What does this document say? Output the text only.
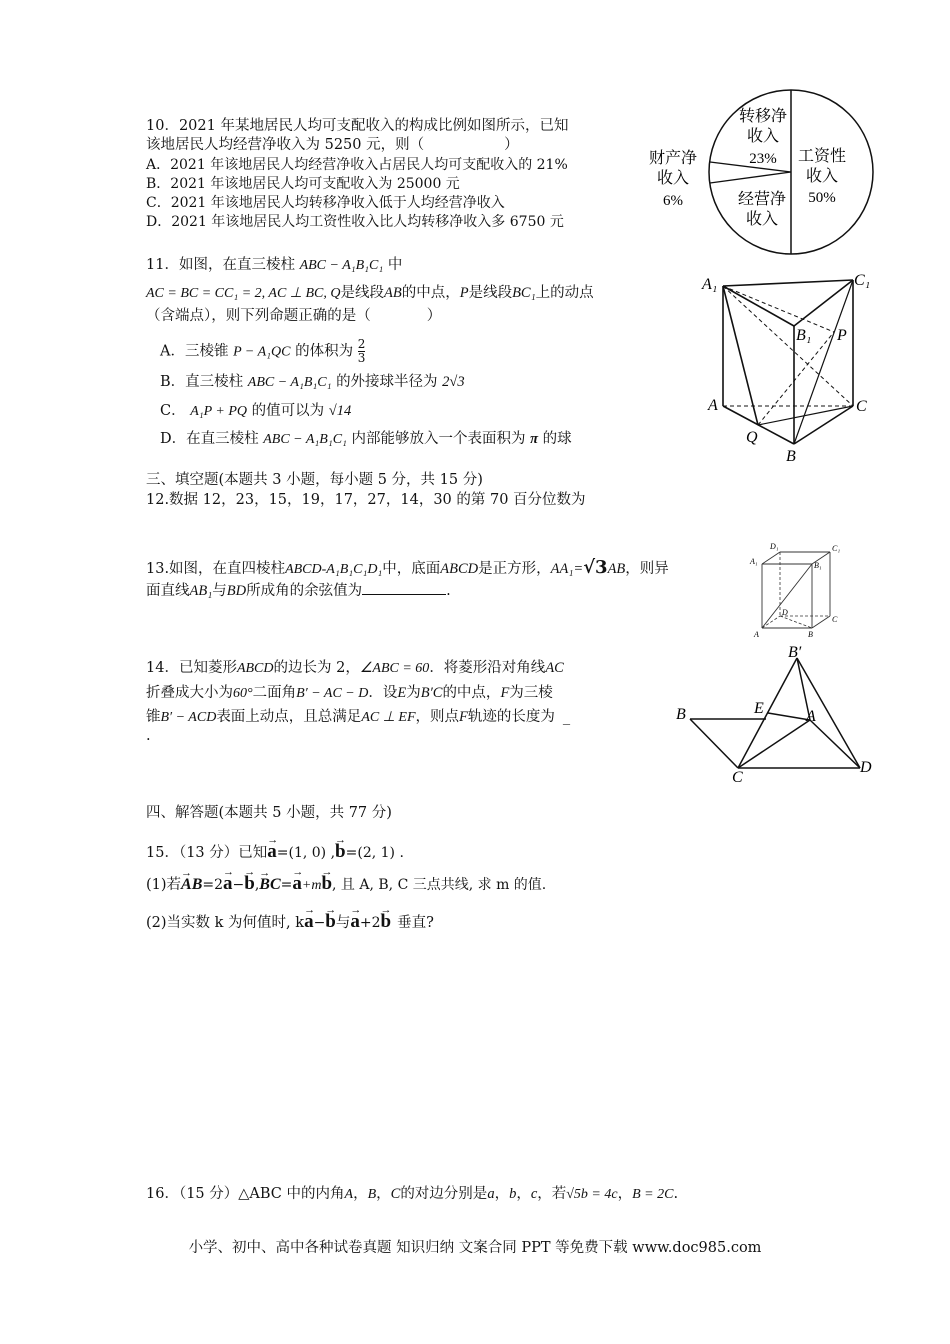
10．2021 年某地居民人均可支配收入的构成比例如图所示，已知
该地居民人均经营净收入为 5250 元，则（	）
A．2021 年该地居民人均经营净收入占居民人均可支配收入的 21%
B．2021 年该地居民人均可支配收入为 25000 元
C．2021 年该地居民人均转移净收入低于人均经营净收入
D．2021 年该地居民人均工资性收入比人均转移净收入多 6750 元
转移净
收入
23% 工资性
收入
50%
经营净
收入
财产净
收入
6%
11．如图，在直三棱柱 ABC − A₁B₁C₁ 中
AC = BC = CC₁ = 2, AC ⊥ BC, Q是线段AB的中点，P是线段BC₁上的动点
（含端点），则下列命题正确的是（	）
A．三棱锥 P − A₁QC 的体积为 $\frac{2}{3}$
B．直三棱柱 ABC − A₁B₁C₁ 的外接球半径为 2√3
C． A₁P + PQ 的值可以为 √14
D．在直三棱柱 ABC − A₁B₁C₁ 内部能够放入一个表面积为 π 的球
A₁	C₁
B₁ P
A	C
Q
B
三、填空题(本题共 3 小题，每小题 5 分，共 15 分)
12.数据 12，23，15，19，17，27，14，30 的第 70 百分位数为
13.如图，在直四棱柱ABCD-A₁B₁C₁D₁中，底面ABCD是正方形，AA₁=√3AB，则异
面直线AB₁与BD所成角的余弦值为	.
D₁	C₁
A₁	B₁
D
C
A	B
14．已知菱形ABCD的边长为 2，∠ABC = 60．将菱形沿对角线AC
折叠成大小为60°二面角B′ − AC − D．设E为B′C的中点，F为三棱
锥B′ − ACD表面上动点，且总满足AC ⊥ EF，则点F轨迹的长度为 _
.
B′
B	E	A
C
D
四、解答题(本题共 5 小题，共 77 分)
15．（13 分）已知→ a=(1, 0) ,→ b=(2, 1) .
(1)若→ AB=2→ a−→ b,→ BC=→ a+m→ b, 且 A, B, C 三点共线, 求 m 的值.
(2)当实数 k 为何值时, k→ a−→ b与→ a+2→ b 垂直?
16．（15 分）△ABC 中的内角A，B，C的对边分别是a，b，c，若√5b = 4c，B = 2C.
小学、初中、高中各种试卷真题 知识归纳 文案合同 PPT 等免费下载 www.doc985.com
